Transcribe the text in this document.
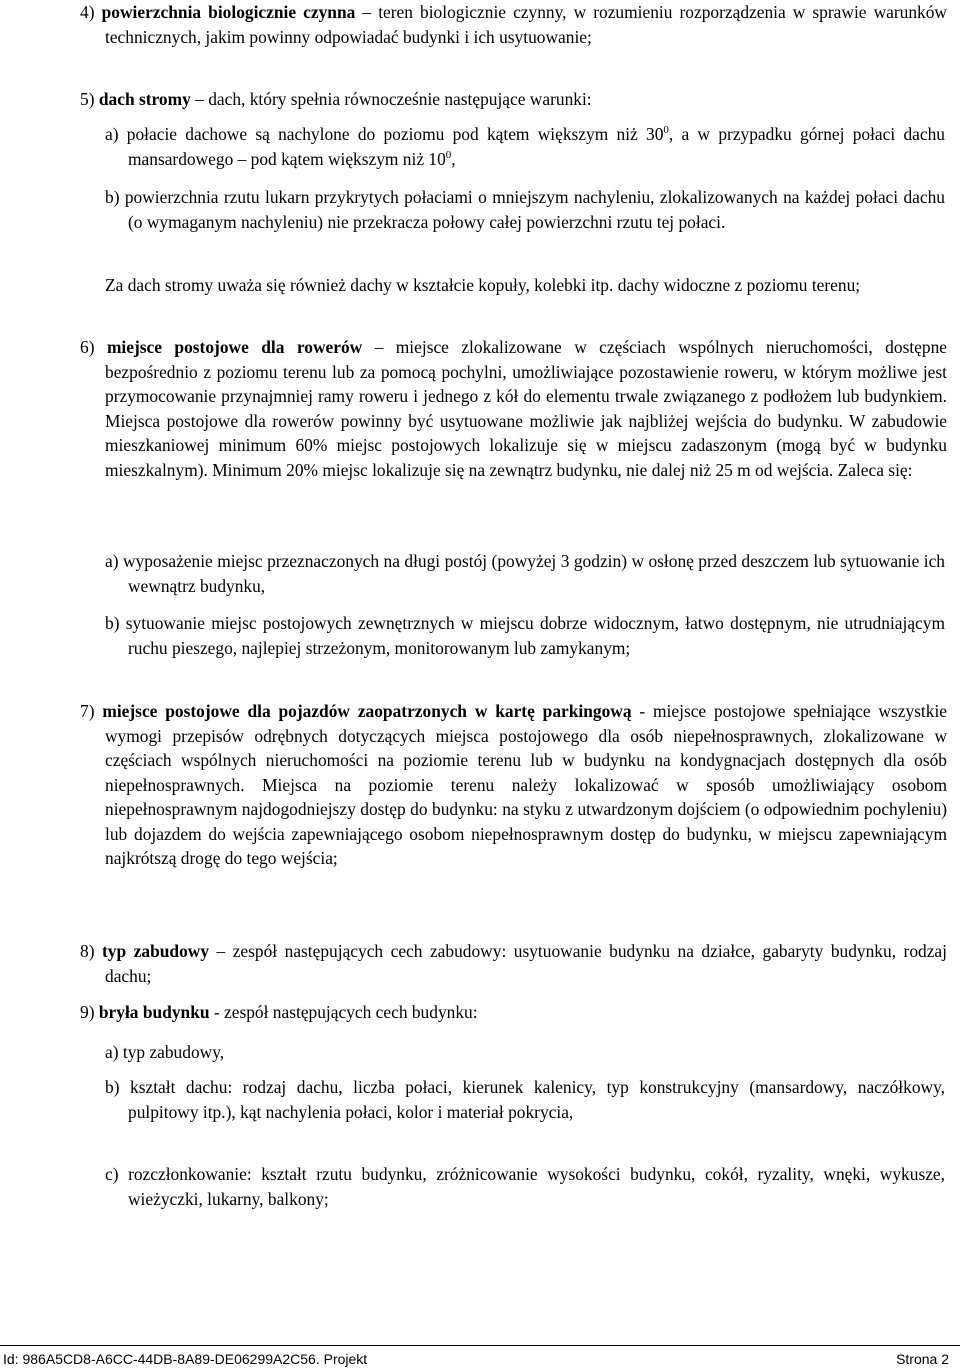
4) powierzchnia biologicznie czynna – teren biologicznie czynny, w rozumieniu rozporządzenia w sprawie warunków technicznych, jakim powinny odpowiadać budynki i ich usytuowanie;

5) dach stromy – dach, który spełnia równocześnie następujące warunki:

a) połacie dachowe są nachylone do poziomu pod kątem większym niż $30^0$, a w przypadku górnej połaci dachu mansardowego – pod kątem większym niż $10^0$,

b) powierzchnia rzutu lukarn przykrytych połaciami o mniejszym nachyleniu, zlokalizowanych na każdej połaci dachu (o wymaganym nachyleniu) nie przekracza połowy całej powierzchni rzutu tej połaci.

Za dach stromy uważa się również dachy w kształcie kopuły, kolebki itp. dachy widoczne z poziomu terenu;

6) miejsce postojowe dla rowerów – miejsce zlokalizowane w częściach wspólnych nieruchomości, dostępne bezpośrednio z poziomu terenu lub za pomocą pochylni, umożliwiające pozostawienie roweru, w którym możliwe jest przymocowanie przynajmniej ramy roweru i jednego z kół do elementu trwale związanego z podłożem lub budynkiem. Miejsca postojowe dla rowerów powinny być usytuowane możliwie jak najbliżej wejścia do budynku. W zabudowie mieszkaniowej minimum 60% miejsc postojowych lokalizuje się w miejscu zadaszonym (mogą być w budynku mieszkalnym). Minimum 20% miejsc lokalizuje się na zewnątrz budynku, nie dalej niż 25 m od wejścia. Zaleca się:

a) wyposażenie miejsc przeznaczonych na długi postój (powyżej 3 godzin) w osłonę przed deszczem lub sytuowanie ich wewnątrz budynku,

b) sytuowanie miejsc postojowych zewnętrznych w miejscu dobrze widocznym, łatwo dostępnym, nie utrudniającym ruchu pieszego, najlepiej strzeżonym, monitorowanym lub zamykanym;

7) miejsce postojowe dla pojazdów zaopatrzonych w kartę parkingową - miejsce postojowe spełniające wszystkie wymogi przepisów odrębnych dotyczących miejsca postojowego dla osób niepełnosprawnych, zlokalizowane w częściach wspólnych nieruchomości na poziomie terenu lub w budynku na kondygnacjach dostępnych dla osób niepełnosprawnych. Miejsca na poziomie terenu należy lokalizować w sposób umożliwiający osobom niepełnosprawnym najdogodniejszy dostęp do budynku: na styku z utwardzonym dojściem (o odpowiednim pochyleniu) lub dojazdem do wejścia zapewniającego osobom niepełnosprawnym dostęp do budynku, w miejscu zapewniającym najkrótszą drogę do tego wejścia;

8) typ zabudowy – zespół następujących cech zabudowy: usytuowanie budynku na działce, gabaryty budynku, rodzaj dachu;

9) bryła budynku - zespół następujących cech budynku:

a) typ zabudowy,

b) kształt dachu: rodzaj dachu, liczba połaci, kierunek kalenicy, typ konstrukcyjny (mansardowy, naczółkowy, pulpitowy itp.), kąt nachylenia połaci, kolor i materiał pokrycia,

c) rozczłonkowanie: kształt rzutu budynku, zróżnicowanie wysokości budynku, cokół, ryzality, wnęki, wykusze, wieżyczki, lukarny, balkony;

Id: 986A5CD8-A6CC-44DB-8A89-DE06299A2C56. Projekt	Strona 2
